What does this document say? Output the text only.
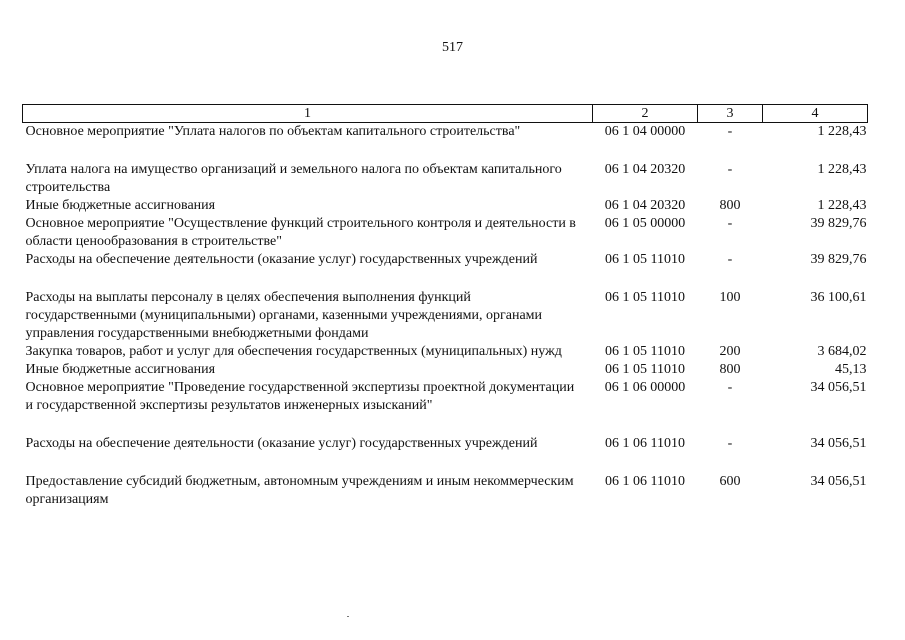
517
1	2	3	4
Основное мероприятие "Уплата налогов по объектам капитального строительства"	06 1 04 00000	-	1 228,43
Уплата налога на имущество организаций и земельного налога по объектам капитального строительства	06 1 04 20320	-	1 228,43
Иные бюджетные ассигнования	06 1 04 20320	800	1 228,43
Основное мероприятие "Осуществление функций строительного контроля и деятельности в области ценообразования в строительстве"	06 1 05 00000	-	39 829,76
Расходы на обеспечение деятельности (оказание услуг) государственных учреждений	06 1 05 11010	-	39 829,76
Расходы на выплаты персоналу в целях обеспечения выполнения функций государственными (муниципальными) органами, казенными учреждениями, органами управления государственными внебюджетными фондами	06 1 05 11010	100	36 100,61
Закупка товаров, работ и услуг для обеспечения государственных (муниципальных) нужд	06 1 05 11010	200	3 684,02
Иные бюджетные ассигнования	06 1 05 11010	800	45,13
Основное мероприятие "Проведение государственной экспертизы проектной документации и государственной экспертизы результатов инженерных изысканий"	06 1 06 00000	-	34 056,51
Расходы на обеспечение деятельности (оказание услуг) государственных учреждений	06 1 06 11010	-	34 056,51
Предоставление субсидий бюджетным, автономным учреждениям и иным некоммерческим организациям	06 1 06 11010	600	34 056,51
